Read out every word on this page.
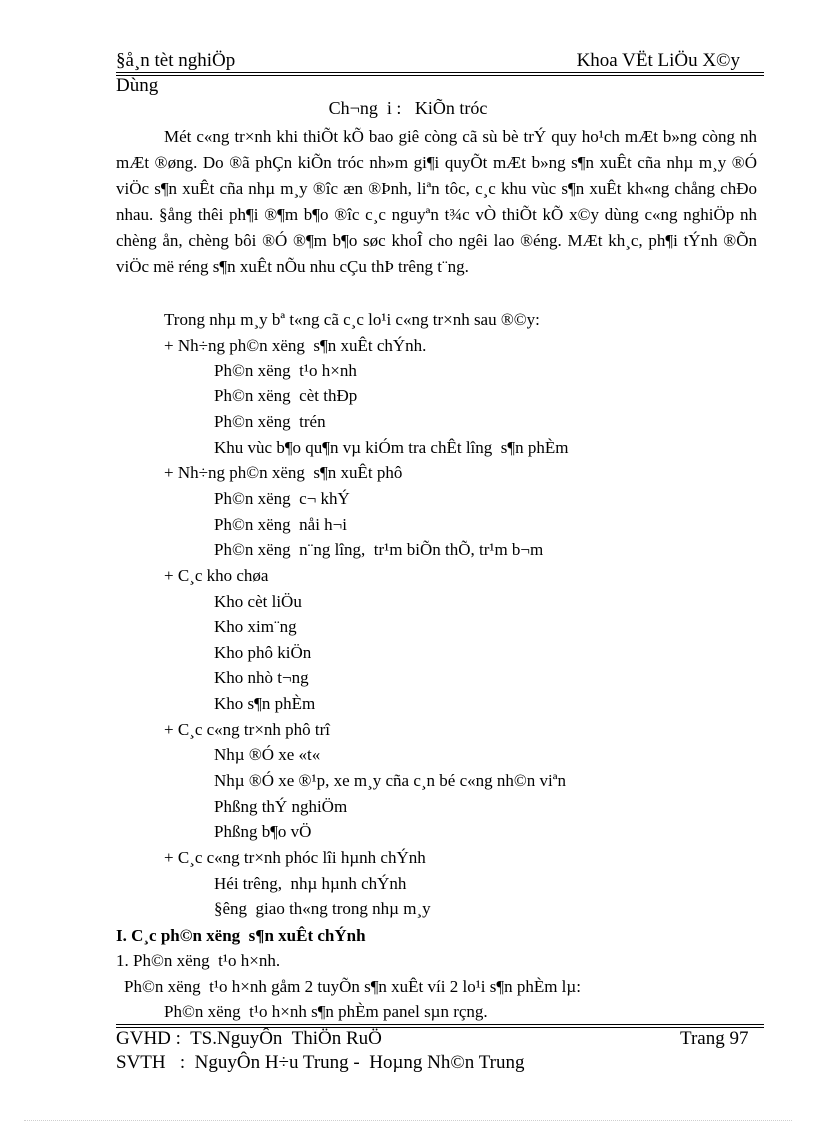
§å¸n tèt nghiÖp	Khoa VËt LiÖu X©y
Dùng
Ch¬ng  i :   KiÕn tróc
Mét c«ng tr×nh khi thiÕt kÕ bao giê còng cã sù bè trÝ quy ho¹ch mÆt b»ng còng nh mÆt ®øng. Do ®ã phÇn kiÕn tróc nh»m gi¶i quyÕt mÆt b»ng s¶n xuÊt cña nhµ m¸y ®Ó viÖc s¶n xuÊt cña nhµ m¸y ®îc æn ®Þnh, liªn tôc, c¸c khu vùc s¶n xuÊt kh«ng chång chÐo nhau. §ång thêi ph¶i ®¶m b¶o ®îc c¸c nguyªn t¾c vÒ thiÕt kÕ x©y dùng c«ng nghiÖp nh chèng ån, chèng bôi ®Ó ®¶m b¶o søc khoÎ cho ngêi lao ®éng. MÆt kh¸c, ph¶i tÝnh ®Õn viÖc më réng s¶n xuÊt nÕu nhu cÇu thÞ trêng t¨ng.
Trong nhµ m¸y bª t«ng cã c¸c lo¹i c«ng tr×nh sau ®©y:
+ Nh÷ng ph©n xëng  s¶n xuÊt chÝnh.
Ph©n xëng  t¹o h×nh
Ph©n xëng  cèt thÐp
Ph©n xëng  trén
Khu vùc b¶o qu¶n vµ kiÓm tra chÊt lîng  s¶n phÈm
+ Nh÷ng ph©n xëng  s¶n xuÊt phô
Ph©n xëng  c¬ khÝ
Ph©n xëng  nåi h¬i
Ph©n xëng  n¨ng lîng,  tr¹m biÕn thÕ, tr¹m b¬m
+ C¸c kho chøa
Kho cèt liÖu
Kho xim¨ng
Kho phô kiÖn
Kho nhò t¬ng
Kho s¶n phÈm
+ C¸c c«ng tr×nh phô trî
Nhµ ®Ó xe «t«
Nhµ ®Ó xe ®¹p, xe m¸y cña c¸n bé c«ng nh©n viªn
Phßng thÝ nghiÖm
Phßng b¶o vÖ
+ C¸c c«ng tr×nh phóc lîi hµnh chÝnh
Héi trêng,  nhµ hµnh chÝnh
§êng  giao th«ng trong nhµ m¸y
I. C¸c ph©n xëng  s¶n xuÊt chÝnh
1. Ph©n xëng  t¹o h×nh.
Ph©n xëng  t¹o h×nh gåm 2 tuyÕn s¶n xuÊt víi 2 lo¹i s¶n phÈm lµ:
Ph©n xëng  t¹o h×nh s¶n phÈm panel sµn rçng.
GVHD :  TS.NguyÔn  ThiÖn RuÖ	Trang 97
SVTH   :  NguyÔn H÷u Trung -  Hoµng Nh©n Trung
